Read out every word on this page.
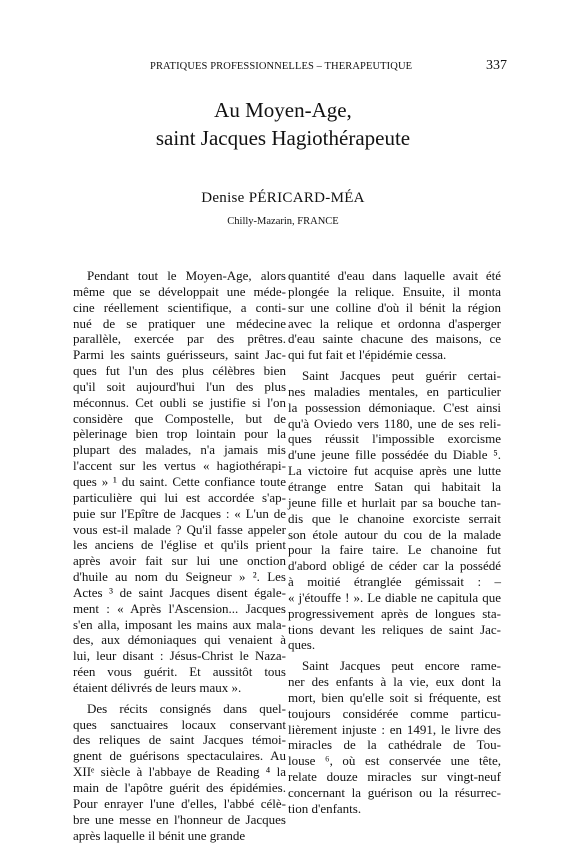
PRATIQUES PROFESSIONNELLES – THERAPEUTIQUE	337
Au Moyen-Age,
saint Jacques Hagiothérapeute
Denise PÉRICARD-MÉA
Chilly-Mazarin, FRANCE

Pendant tout le Moyen-Age, alors
même que se développait une méde-
cine réellement scientifique, a conti-
nué de se pratiquer une médecine
parallèle, exercée par des prêtres.
Parmi les saints guérisseurs, saint Jac-
ques fut l'un des plus célèbres bien
qu'il soit aujourd'hui l'un des plus
méconnus. Cet oubli se justifie si l'on
considère que Compostelle, but de
pèlerinage bien trop lointain pour la
plupart des malades, n'a jamais mis
l'accent sur les vertus « hagiothérapi-
ques » ¹ du saint. Cette confiance toute
particulière qui lui est accordée s'ap-
puie sur l'Epître de Jacques : « L'un de
vous est-il malade ? Qu'il fasse appeler
les anciens de l'église et qu'ils prient
après avoir fait sur lui une onction
d'huile au nom du Seigneur » ². Les
Actes ³ de saint Jacques disent égale-
ment : « Après l'Ascension... Jacques
s'en alla, imposant les mains aux mala-
des, aux démoniaques qui venaient à
lui, leur disant : Jésus-Christ le Naza-
réen vous guérit. Et aussitôt tous
étaient délivrés de leurs maux ».

Des récits consignés dans quel-
ques sanctuaires locaux conservant
des reliques de saint Jacques témoi-
gnent de guérisons spectaculaires. Au
XIIᵉ siècle à l'abbaye de Reading ⁴ la
main de l'apôtre guérit des épidémies.
Pour enrayer l'une d'elles, l'abbé célè-
bre une messe en l'honneur de Jacques
après laquelle il bénit une grande

quantité d'eau dans laquelle avait été
plongée la relique. Ensuite, il monta
sur une colline d'où il bénit la région
avec la relique et ordonna d'asperger
d'eau sainte chacune des maisons, ce
qui fut fait et l'épidémie cessa.

Saint Jacques peut guérir certai-
nes maladies mentales, en particulier
la possession démoniaque. C'est ainsi
qu'à Oviedo vers 1180, une de ses reli-
ques réussit l'impossible exorcisme
d'une jeune fille possédée du Diable ⁵.
La victoire fut acquise après une lutte
étrange entre Satan qui habitait la
jeune fille et hurlait par sa bouche tan-
dis que le chanoine exorciste serrait
son étole autour du cou de la malade
pour la faire taire. Le chanoine fut
d'abord obligé de céder car la possédé
à moitié étranglée gémissait : –
« j'étouffe ! ». Le diable ne capitula que
progressivement après de longues sta-
tions devant les reliques de saint Jac-
ques.

Saint Jacques peut encore ramе-
ner des enfants à la vie, eux dont la
mort, bien qu'elle soit si fréquente, est
toujours considérée comme particu-
lièrement injuste : en 1491, le livre des
miracles de la cathédrale de Tou-
louse ⁶, où est conservée une tête,
relate douze miracles sur vingt-neuf
concernant la guérison ou la résurrec-
tion d'enfants.
